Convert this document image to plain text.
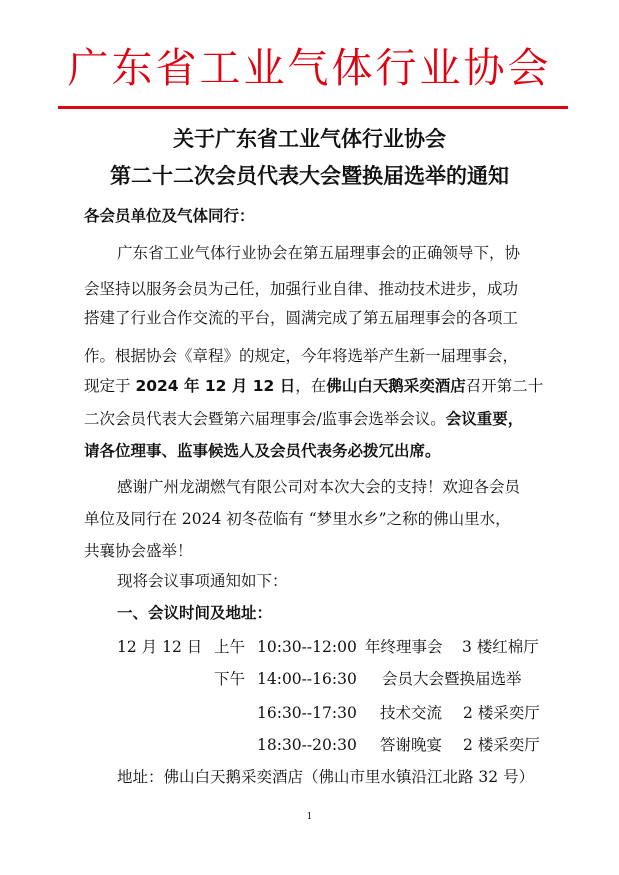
广东省工业气体行业协会
关于广东省工业气体行业协会
第二十二次会员代表大会暨换届选举的通知
各会员单位及气体同行：
广东省工业气体行业协会在第五届理事会的正确领导下，协
会坚持以服务会员为己任，加强行业自律、推动技术进步，成功
搭建了行业合作交流的平台，圆满完成了第五届理事会的各项工
作。根据协会《章程》的规定，今年将选举产生新一届理事会，
现定于 2024 年 12 月 12 日，在佛山白天鹅采奕酒店召开第二十
二次会员代表大会暨第六届理事会/监事会选举会议。会议重要，
请各位理事、监事候选人及会员代表务必拨冗出席。
感谢广州龙湖燃气有限公司对本次大会的支持！欢迎各会员
单位及同行在 2024 初冬莅临有 “梦里水乡”之称的佛山里水，
共襄协会盛举！
现将会议事项通知如下：
一、会议时间及地址：
12 月 12 日 上午 10:30--12:00 年终理事会 3 楼红棉厅
下午 14:00--16:30 会员大会暨换届选举
16:30--17:30 技术交流 2 楼采奕厅
18:30--20:30 答谢晚宴 2 楼采奕厅
地址：佛山白天鹅采奕酒店（佛山市里水镇沿江北路 32 号）
1
